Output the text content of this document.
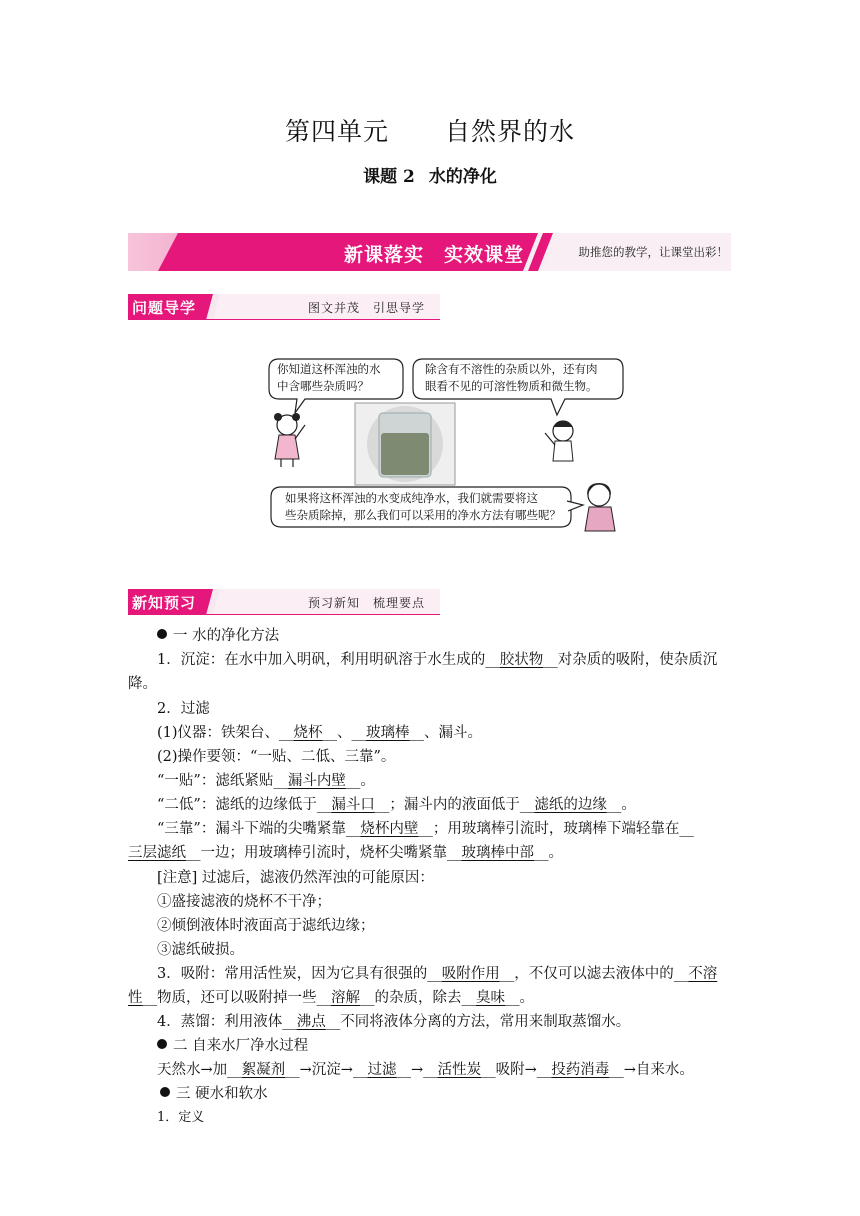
第四单元 自然界的水
课题 2 水的净化
新课落实　实效课堂	助推您的教学，让课堂出彩！
问题导学	图文并茂　引思导学
你知道这杯浑浊的水
中含哪些杂质吗？
除含有不溶性的杂质以外，还有肉
眼看不见的可溶性物质和微生物。
如果将这杯浑浊的水变成纯净水，我们就需要将这
些杂质除掉，那么我们可以采用的净水方法有哪些呢？
新知预习	预习新知　梳理要点
一 水的净化方法
1．沉淀：在水中加入明矾，利用明矾溶于水生成的__胶状物__对杂质的吸附，使杂质沉
降。
2．过滤
(1)仪器：铁架台、__烧杯__、__玻璃棒__、漏斗。
(2)操作要领：“一贴、二低、三靠”。
“一贴”：滤纸紧贴__漏斗内壁__。
“二低”：滤纸的边缘低于__漏斗口__；漏斗内的液面低于__滤纸的边缘__。
“三靠”：漏斗下端的尖嘴紧靠__烧杯内壁__；用玻璃棒引流时，玻璃棒下端轻靠在__
三层滤纸__一边；用玻璃棒引流时，烧杯尖嘴紧靠__玻璃棒中部__。
[注意] 过滤后，滤液仍然浑浊的可能原因：
①盛接滤液的烧杯不干净；
②倾倒液体时液面高于滤纸边缘；
③滤纸破损。
3．吸附：常用活性炭，因为它具有很强的__吸附作用__，不仅可以滤去液体中的__不溶
性__物质，还可以吸附掉一些__溶解__的杂质，除去__臭味__。
4．蒸馏：利用液体__沸点__不同将液体分离的方法，常用来制取蒸馏水。
二 自来水厂净水过程
天然水→加__絮凝剂__→沉淀→__过滤__→__活性炭__吸附→__投药消毒__→自来水。
三 硬水和软水
1．定义
